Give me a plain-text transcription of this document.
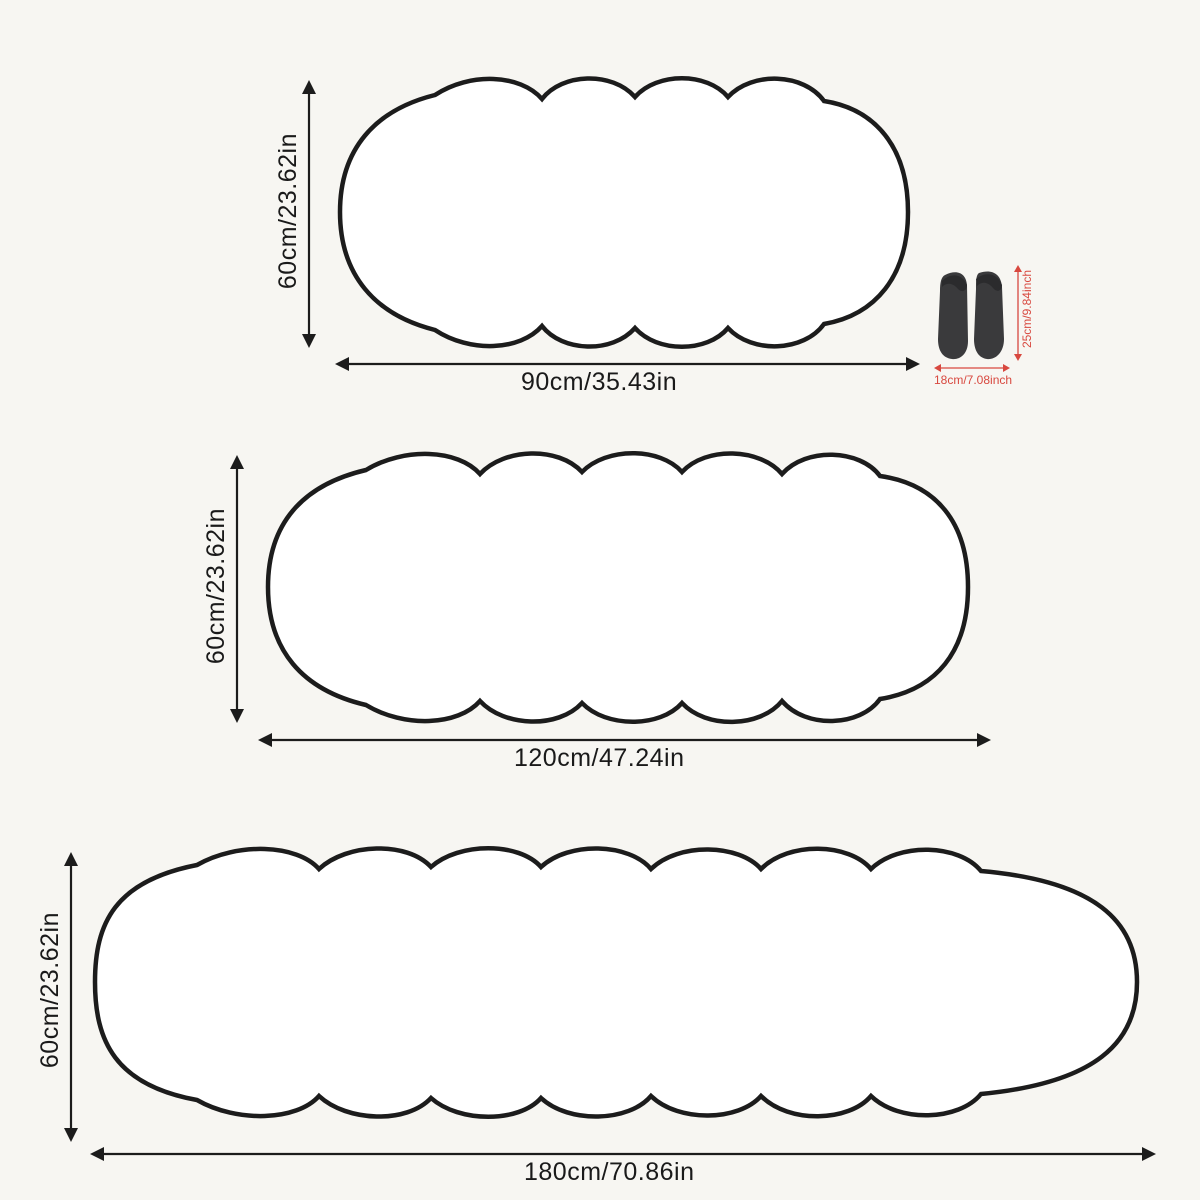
60cm/23.62in
90cm/35.43in
25cm/9.84inch
18cm/7.08inch
60cm/23.62in
120cm/47.24in
60cm/23.62in
180cm/70.86in
